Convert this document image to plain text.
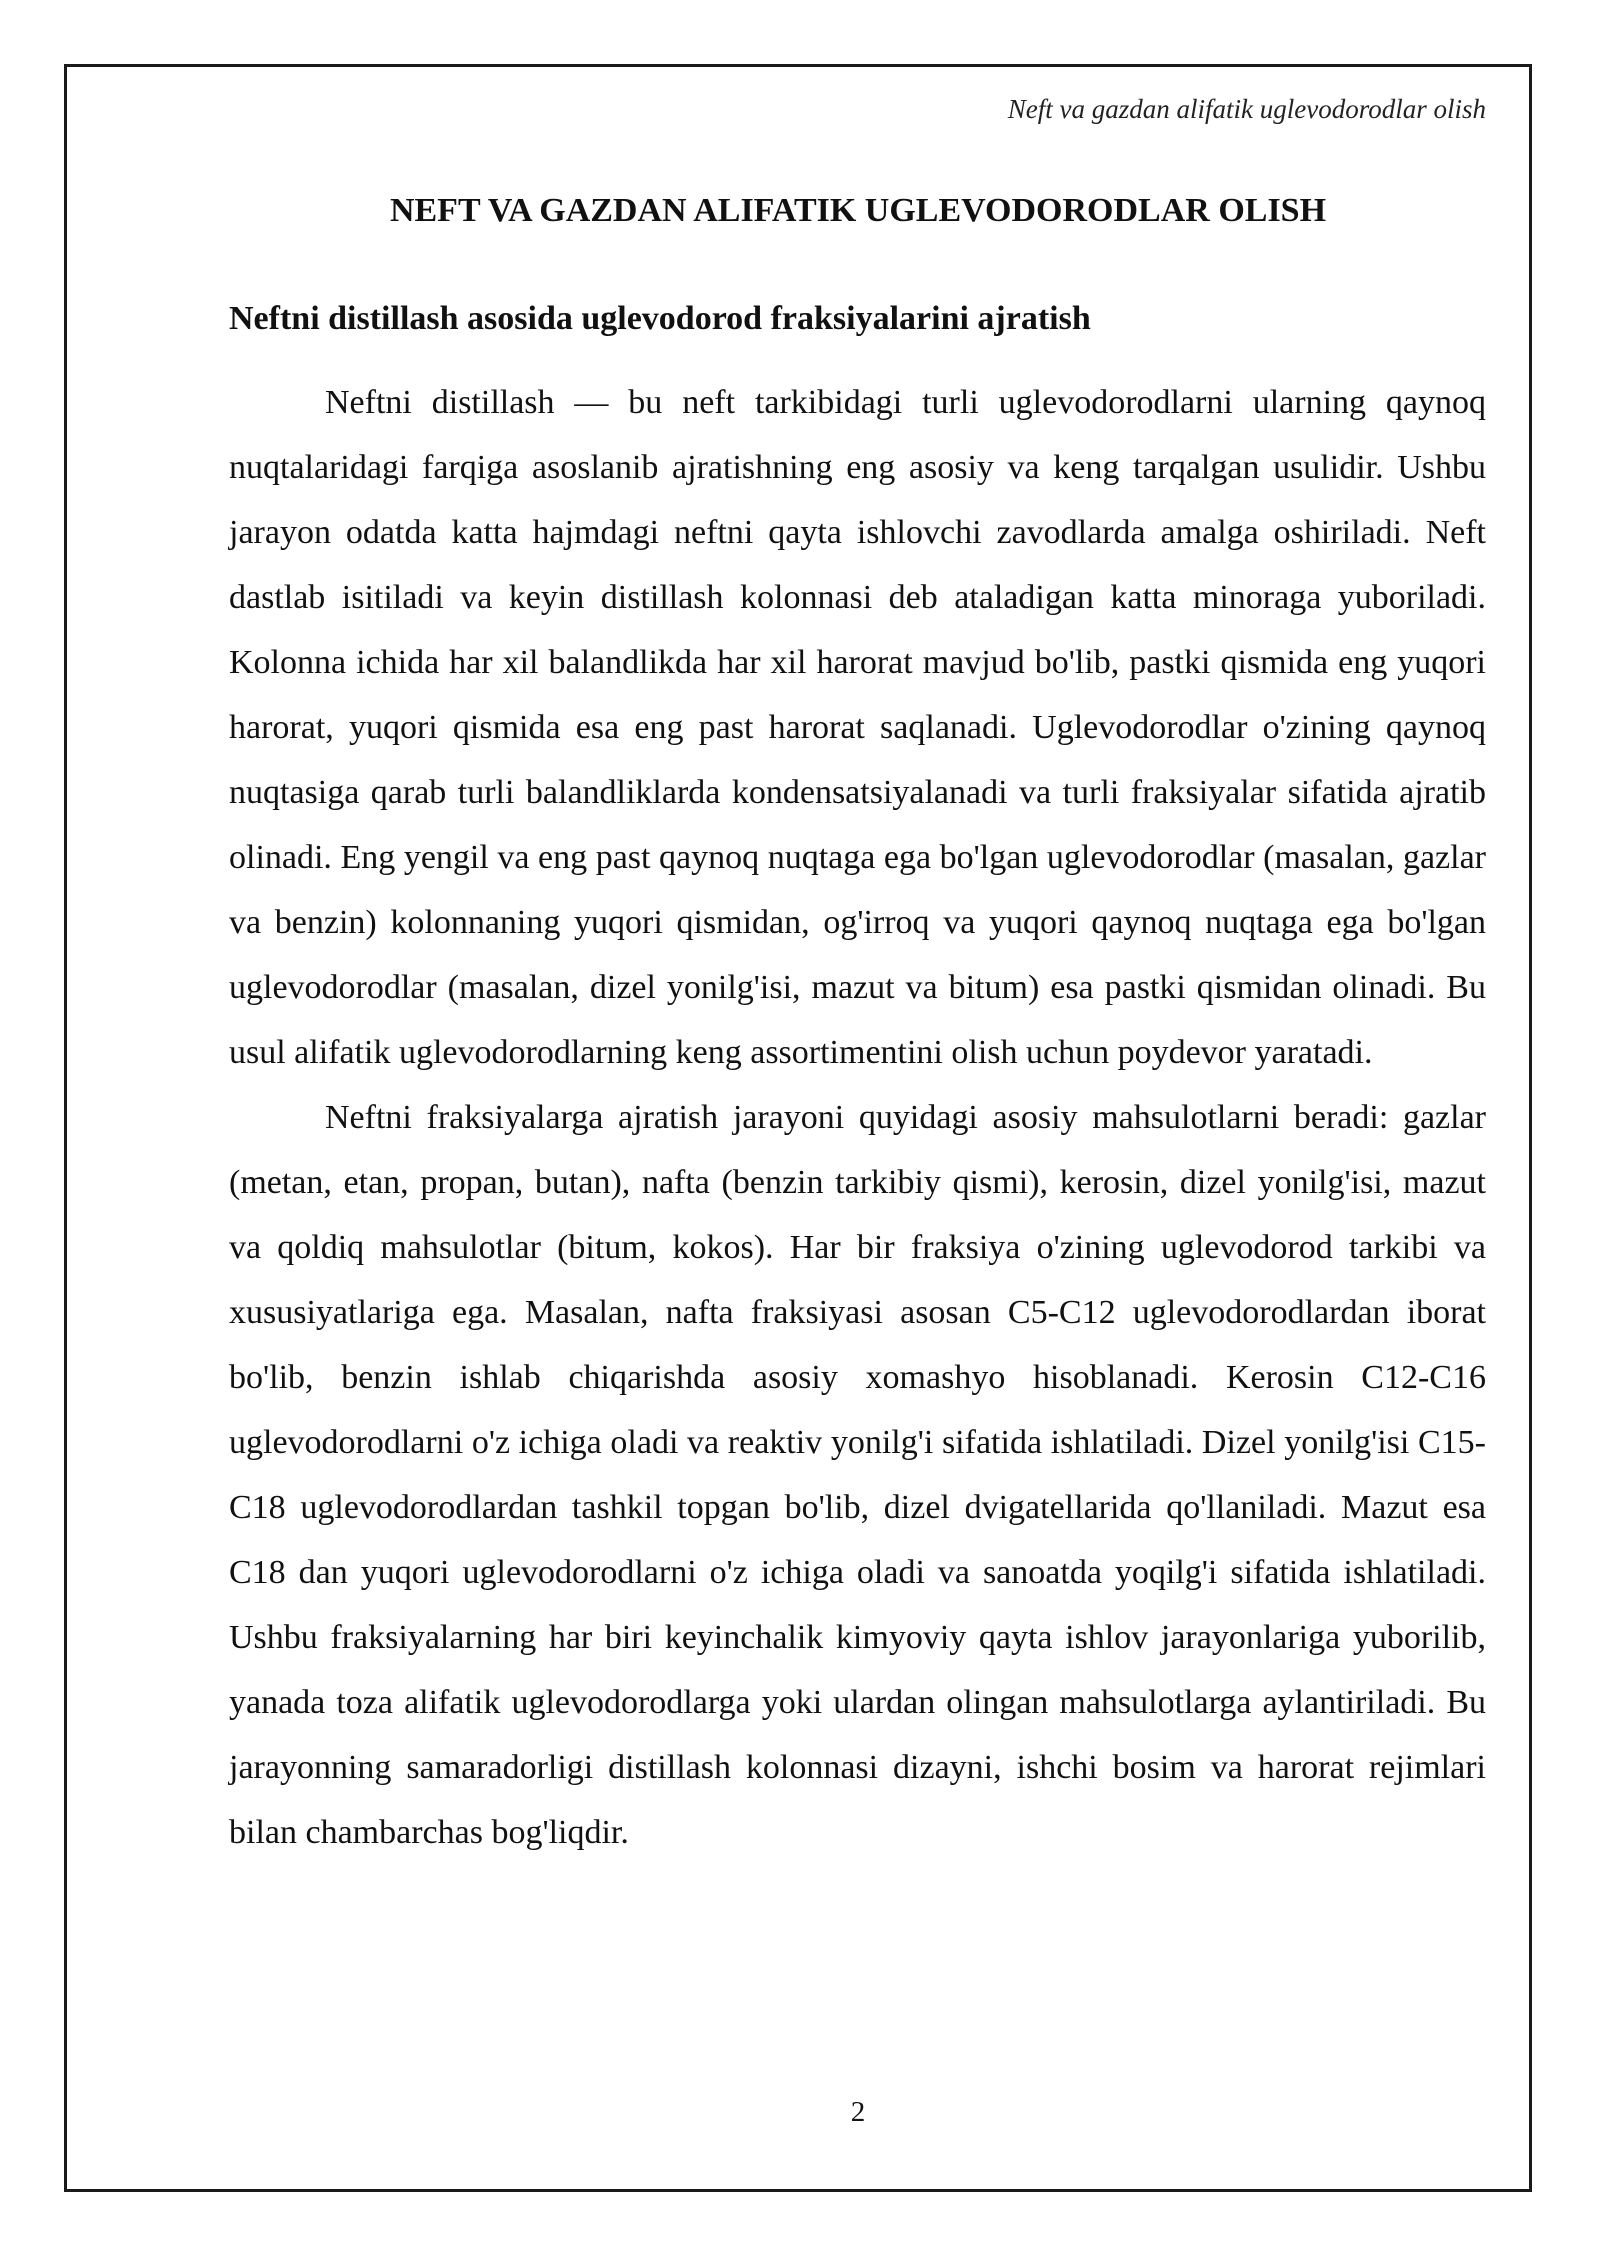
Neft va gazdan alifatik uglevodorodlar olish
NEFT VA GAZDAN ALIFATIK UGLEVODORODLAR OLISH
Neftni distillash asosida uglevodorod fraksiyalarini ajratish

Neftni distillash — bu neft tarkibidagi turli uglevodorodlarni ularning qaynoq nuqtalaridagi farqiga asoslanib ajratishning eng asosiy va keng tarqalgan usulidir. Ushbu jarayon odatda katta hajmdagi neftni qayta ishlovchi zavodlarda amalga oshiriladi. Neft dastlab isitiladi va keyin distillash kolonnasi deb ataladigan katta minoraga yuboriladi. Kolonna ichida har xil balandlikda har xil harorat mavjud bo'lib, pastki qismida eng yuqori harorat, yuqori qismida esa eng past harorat saqlanadi. Uglevodorodlar o'zining qaynoq nuqtasiga qarab turli balandliklarda kondensatsiyalanadi va turli fraksiyalar sifatida ajratib olinadi. Eng yengil va eng past qaynoq nuqtaga ega bo'lgan uglevodorodlar (masalan, gazlar va benzin) kolonnaning yuqori qismidan, og'irroq va yuqori qaynoq nuqtaga ega bo'lgan uglevodorodlar (masalan, dizel yonilg'isi, mazut va bitum) esa pastki qismidan olinadi. Bu usul alifatik uglevodorodlarning keng assortimentini olish uchun poydevor yaratadi.

Neftni fraksiyalarga ajratish jarayoni quyidagi asosiy mahsulotlarni beradi: gazlar (metan, etan, propan, butan), nafta (benzin tarkibiy qismi), kerosin, dizel yonilg'isi, mazut va qoldiq mahsulotlar (bitum, kokos). Har bir fraksiya o'zining uglevodorod tarkibi va xususiyatlariga ega. Masalan, nafta fraksiyasi asosan C5-C12 uglevodorodlardan iborat bo'lib, benzin ishlab chiqarishda asosiy xomashyo hisoblanadi. Kerosin C12-C16 uglevodorodlarni o'z ichiga oladi va reaktiv yonilg'i sifatida ishlatiladi. Dizel yonilg'isi C15-C18 uglevodorodlardan tashkil topgan bo'lib, dizel dvigatellarida qo'llaniladi. Mazut esa C18 dan yuqori uglevodorodlarni o'z ichiga oladi va sanoatda yoqilg'i sifatida ishlatiladi. Ushbu fraksiyalarning har biri keyinchalik kimyoviy qayta ishlov jarayonlariga yuborilib, yanada toza alifatik uglevodorodlarga yoki ulardan olingan mahsulotlarga aylantiriladi. Bu jarayonning samaradorligi distillash kolonnasi dizayni, ishchi bosim va harorat rejimlari bilan chambarchas bog'liqdir.

2
